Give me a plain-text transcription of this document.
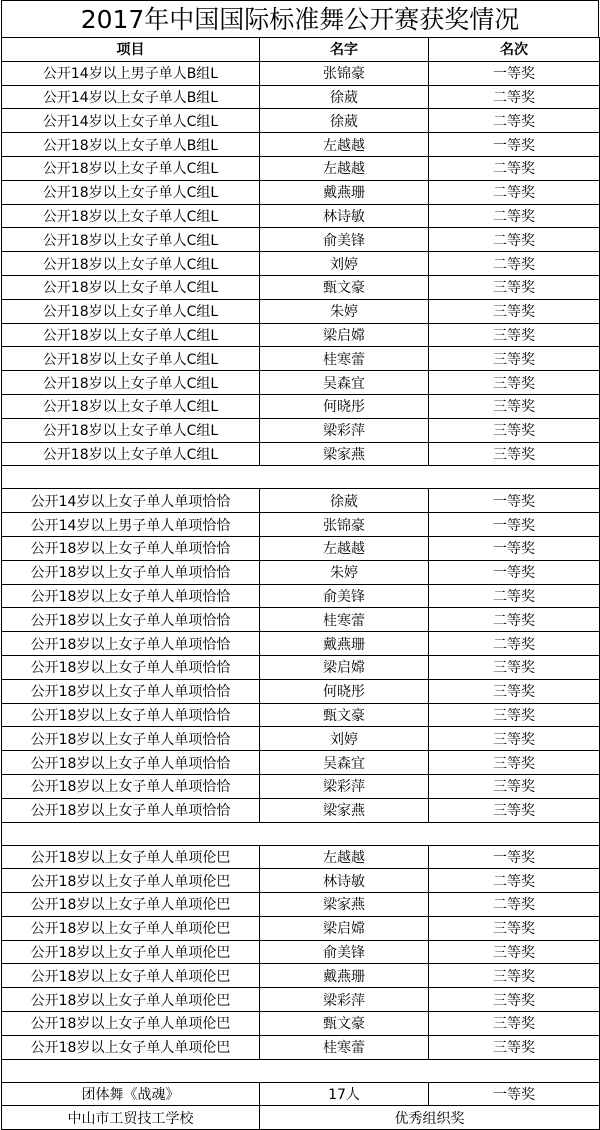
2017年中国国际标准舞公开赛获奖情况
项目	名字	名次
公开14岁以上男子单人B组L	张锦豪	一等奖
公开14岁以上女子单人B组L	徐葳	二等奖
公开14岁以上女子单人C组L	徐葳	二等奖
公开18岁以上女子单人B组L	左越越	一等奖
公开18岁以上女子单人C组L	左越越	二等奖
公开18岁以上女子单人C组L	戴燕珊	二等奖
公开18岁以上女子单人C组L	林诗敏	二等奖
公开18岁以上女子单人C组L	俞美锋	二等奖
公开18岁以上女子单人C组L	刘婷	二等奖
公开18岁以上女子单人C组L	甄文豪	三等奖
公开18岁以上女子单人C组L	朱婷	三等奖
公开18岁以上女子单人C组L	梁启嫦	三等奖
公开18岁以上女子单人C组L	桂寒蕾	三等奖
公开18岁以上女子单人C组L	吴森宜	三等奖
公开18岁以上女子单人C组L	何晓彤	三等奖
公开18岁以上女子单人C组L	梁彩萍	三等奖
公开18岁以上女子单人C组L	梁家燕	三等奖

公开14岁以上女子单人单项恰恰	徐葳	一等奖
公开14岁以上男子单人单项恰恰	张锦豪	一等奖
公开18岁以上女子单人单项恰恰	左越越	一等奖
公开18岁以上女子单人单项恰恰	朱婷	一等奖
公开18岁以上女子单人单项恰恰	俞美锋	二等奖
公开18岁以上女子单人单项恰恰	桂寒蕾	二等奖
公开18岁以上女子单人单项恰恰	戴燕珊	二等奖
公开18岁以上女子单人单项恰恰	梁启嫦	三等奖
公开18岁以上女子单人单项恰恰	何晓彤	三等奖
公开18岁以上女子单人单项恰恰	甄文豪	三等奖
公开18岁以上女子单人单项恰恰	刘婷	三等奖
公开18岁以上女子单人单项恰恰	吴森宜	三等奖
公开18岁以上女子单人单项恰恰	梁彩萍	三等奖
公开18岁以上女子单人单项恰恰	梁家燕	三等奖

公开18岁以上女子单人单项伦巴	左越越	一等奖
公开18岁以上女子单人单项伦巴	林诗敏	二等奖
公开18岁以上女子单人单项伦巴	梁家燕	二等奖
公开18岁以上女子单人单项伦巴	梁启嫦	三等奖
公开18岁以上女子单人单项伦巴	俞美锋	三等奖
公开18岁以上女子单人单项伦巴	戴燕珊	三等奖
公开18岁以上女子单人单项伦巴	梁彩萍	三等奖
公开18岁以上女子单人单项伦巴	甄文豪	三等奖
公开18岁以上女子单人单项伦巴	桂寒蕾	三等奖

团体舞《战魂》	17人	一等奖
中山市工贸技工学校	优秀组织奖	
